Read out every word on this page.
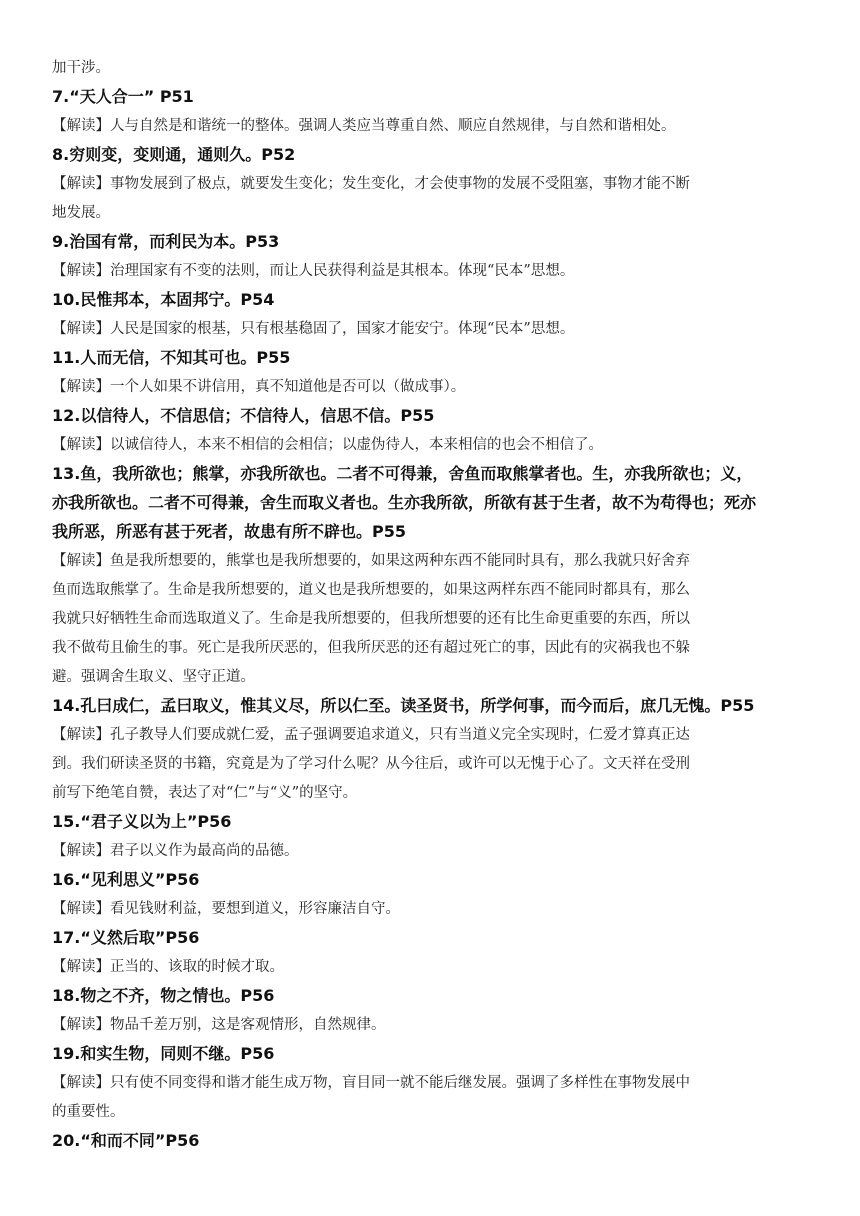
加干涉。
7.“天人合一” P51
【解读】人与自然是和谐统一的整体。强调人类应当尊重自然、顺应自然规律，与自然和谐相处。
8.穷则变，变则通，通则久。P52
【解读】事物发展到了极点，就要发生变化；发生变化，才会使事物的发展不受阻塞，事物才能不断
地发展。
9.治国有常，而利民为本。P53
【解读】治理国家有不变的法则，而让人民获得利益是其根本。体现“民本”思想。
10.民惟邦本，本固邦宁。P54
【解读】人民是国家的根基，只有根基稳固了，国家才能安宁。体现“民本”思想。
11.人而无信，不知其可也。P55
【解读】一个人如果不讲信用，真不知道他是否可以（做成事）。
12.以信待人，不信思信；不信待人，信思不信。P55
【解读】以诚信待人，本来不相信的会相信；以虚伪待人，本来相信的也会不相信了。
13.鱼，我所欲也；熊掌，亦我所欲也。二者不可得兼，舍鱼而取熊掌者也。生，亦我所欲也；义，
亦我所欲也。二者不可得兼，舍生而取义者也。生亦我所欲，所欲有甚于生者，故不为苟得也；死亦
我所恶，所恶有甚于死者，故患有所不辟也。P55
【解读】鱼是我所想要的，熊掌也是我所想要的，如果这两种东西不能同时具有，那么我就只好舍弃
鱼而选取熊掌了。生命是我所想要的，道义也是我所想要的，如果这两样东西不能同时都具有，那么
我就只好牺牲生命而选取道义了。生命是我所想要的，但我所想要的还有比生命更重要的东西，所以
我不做苟且偷生的事。死亡是我所厌恶的，但我所厌恶的还有超过死亡的事，因此有的灾祸我也不躲
避。强调舍生取义、坚守正道。
14.孔曰成仁，孟曰取义，惟其义尽，所以仁至。读圣贤书，所学何事，而今而后，庶几无愧。P55
【解读】孔子教导人们要成就仁爱，孟子强调要追求道义，只有当道义完全实现时，仁爱才算真正达
到。我们研读圣贤的书籍，究竟是为了学习什么呢？从今往后，或许可以无愧于心了。文天祥在受刑
前写下绝笔自赞，表达了对“仁”与“义”的坚守。
15.“君子义以为上”P56
【解读】君子以义作为最高尚的品德。
16.“见利思义”P56
【解读】看见钱财利益，要想到道义，形容廉洁自守。
17.“义然后取”P56
【解读】正当的、该取的时候才取。
18.物之不齐，物之情也。P56
【解读】物品千差万别，这是客观情形，自然规律。
19.和实生物，同则不继。P56
【解读】只有使不同变得和谐才能生成万物，盲目同一就不能后继发展。强调了多样性在事物发展中
的重要性。
20.“和而不同”P56
